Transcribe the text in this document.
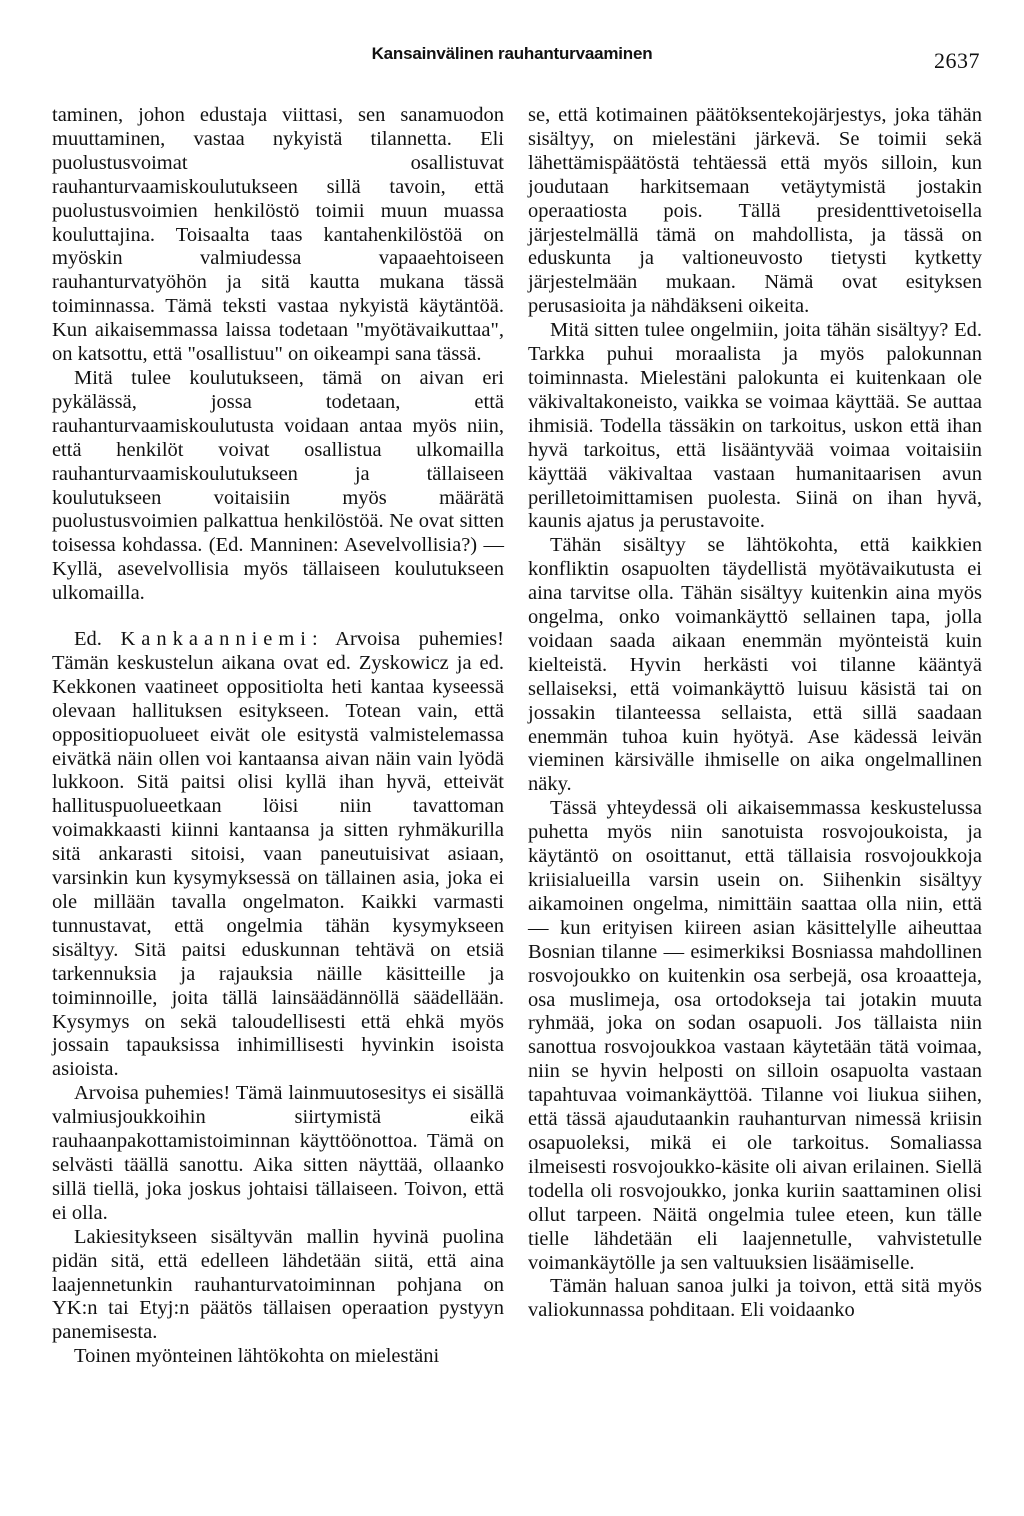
Kansainvälinen rauhanturvaaminen	2637

taminen, johon edustaja viittasi, sen sanamuodon muuttaminen, vastaa nykyistä tilannetta. Eli puolustusvoimat osallistuvat rauhanturvaamiskoulutukseen sillä tavoin, että puolustusvoimien henkilöstö toimii muun muassa kouluttajina. Toisaalta taas kantahenkilöstöä on myöskin valmiudessa vapaaehtoiseen rauhanturvatyöhön ja sitä kautta mukana tässä toiminnassa. Tämä teksti vastaa nykyistä käytäntöä. Kun aikaisemmassa laissa todetaan "myötävaikuttaa", on katsottu, että "osallistuu" on oikeampi sana tässä.

Mitä tulee koulutukseen, tämä on aivan eri pykälässä, jossa todetaan, että rauhanturvaamiskoulutusta voidaan antaa myös niin, että henkilöt voivat osallistua ulkomailla rauhanturvaamiskoulutukseen ja tällaiseen koulutukseen voitaisiin myös määrätä puolustusvoimien palkattua henkilöstöä. Ne ovat sitten toisessa kohdassa. (Ed. Manninen: Asevelvollisia?) — Kyllä, asevelvollisia myös tällaiseen koulutukseen ulkomailla.

Ed. Kankaanniemi: Arvoisa puhemies! Tämän keskustelun aikana ovat ed. Zyskowicz ja ed. Kekkonen vaatineet oppositiolta heti kantaa kyseessä olevaan hallituksen esitykseen. Totean vain, että oppositiopuolueet eivät ole esitystä valmistelemassa eivätkä näin ollen voi kantaansa aivan näin vain lyödä lukkoon. Sitä paitsi olisi kyllä ihan hyvä, etteivät hallituspuolueetkaan löisi niin tavattoman voimakkaasti kiinni kantaansa ja sitten ryhmäkurilla sitä ankarasti sitoisi, vaan paneutuisivat asiaan, varsinkin kun kysymyksessä on tällainen asia, joka ei ole millään tavalla ongelmaton. Kaikki varmasti tunnustavat, että ongelmia tähän kysymykseen sisältyy. Sitä paitsi eduskunnan tehtävä on etsiä tarkennuksia ja rajauksia näille käsitteille ja toiminnoille, joita tällä lainsäädännöllä säädellään. Kysymys on sekä taloudellisesti että ehkä myös jossain tapauksissa inhimillisesti hyvinkin isoista asioista.

Arvoisa puhemies! Tämä lainmuutosesitys ei sisällä valmiusjoukkoihin siirtymistä eikä rauhaanpakottamistoiminnan käyttöönottoa. Tämä on selvästi täällä sanottu. Aika sitten näyttää, ollaanko sillä tiellä, joka joskus johtaisi tällaiseen. Toivon, että ei olla.

Lakiesitykseen sisältyvän mallin hyvinä puolina pidän sitä, että edelleen lähdetään siitä, että aina laajennetunkin rauhanturvatoiminnan pohjana on YK:n tai Etyj:n päätös tällaisen operaation pystyyn panemisesta.

Toinen myönteinen lähtökohta on mielestäni

se, että kotimainen päätöksentekojärjestys, joka tähän sisältyy, on mielestäni järkevä. Se toimii sekä lähettämispäätöstä tehtäessä että myös silloin, kun joudutaan harkitsemaan vetäytymistä jostakin operaatiosta pois. Tällä presidenttivetoisella järjestelmällä tämä on mahdollista, ja tässä on eduskunta ja valtioneuvosto tietysti kytketty järjestelmään mukaan. Nämä ovat esityksen perusasioita ja nähdäkseni oikeita.

Mitä sitten tulee ongelmiin, joita tähän sisältyy? Ed. Tarkka puhui moraalista ja myös palokunnan toiminnasta. Mielestäni palokunta ei kuitenkaan ole väkivaltakoneisto, vaikka se voimaa käyttää. Se auttaa ihmisiä. Todella tässäkin on tarkoitus, uskon että ihan hyvä tarkoitus, että lisääntyvää voimaa voitaisiin käyttää väkivaltaa vastaan humanitaarisen avun perilletoimittamisen puolesta. Siinä on ihan hyvä, kaunis ajatus ja perustavoite.

Tähän sisältyy se lähtökohta, että kaikkien konfliktin osapuolten täydellistä myötävaikutusta ei aina tarvitse olla. Tähän sisältyy kuitenkin aina myös ongelma, onko voimankäyttö sellainen tapa, jolla voidaan saada aikaan enemmän myönteistä kuin kielteistä. Hyvin herkästi voi tilanne kääntyä sellaiseksi, että voimankäyttö luisuu käsistä tai on jossakin tilanteessa sellaista, että sillä saadaan enemmän tuhoa kuin hyötyä. Ase kädessä leivän vieminen kärsivälle ihmiselle on aika ongelmallinen näky.

Tässä yhteydessä oli aikaisemmassa keskustelussa puhetta myös niin sanotuista rosvojoukoista, ja käytäntö on osoittanut, että tällaisia rosvojoukkoja kriisialueilla varsin usein on. Siihenkin sisältyy aikamoinen ongelma, nimittäin saattaa olla niin, että — kun erityisen kiireen asian käsittelylle aiheuttaa Bosnian tilanne — esimerkiksi Bosniassa mahdollinen rosvojoukko on kuitenkin osa serbejä, osa kroaatteja, osa muslimeja, osa ortodokseja tai jotakin muuta ryhmää, joka on sodan osapuoli. Jos tällaista niin sanottua rosvojoukkoa vastaan käytetään tätä voimaa, niin se hyvin helposti on silloin osapuolta vastaan tapahtuvaa voimankäyttöä. Tilanne voi liukua siihen, että tässä ajaudutaankin rauhanturvan nimessä kriisin osapuoleksi, mikä ei ole tarkoitus. Somaliassa ilmeisesti rosvojoukko-käsite oli aivan erilainen. Siellä todella oli rosvojoukko, jonka kuriin saattaminen olisi ollut tarpeen. Näitä ongelmia tulee eteen, kun tälle tielle lähdetään eli laajennetulle, vahvistetulle voimankäytölle ja sen valtuuksien lisäämiselle.

Tämän haluan sanoa julki ja toivon, että sitä myös valiokunnassa pohditaan. Eli voidaanko
